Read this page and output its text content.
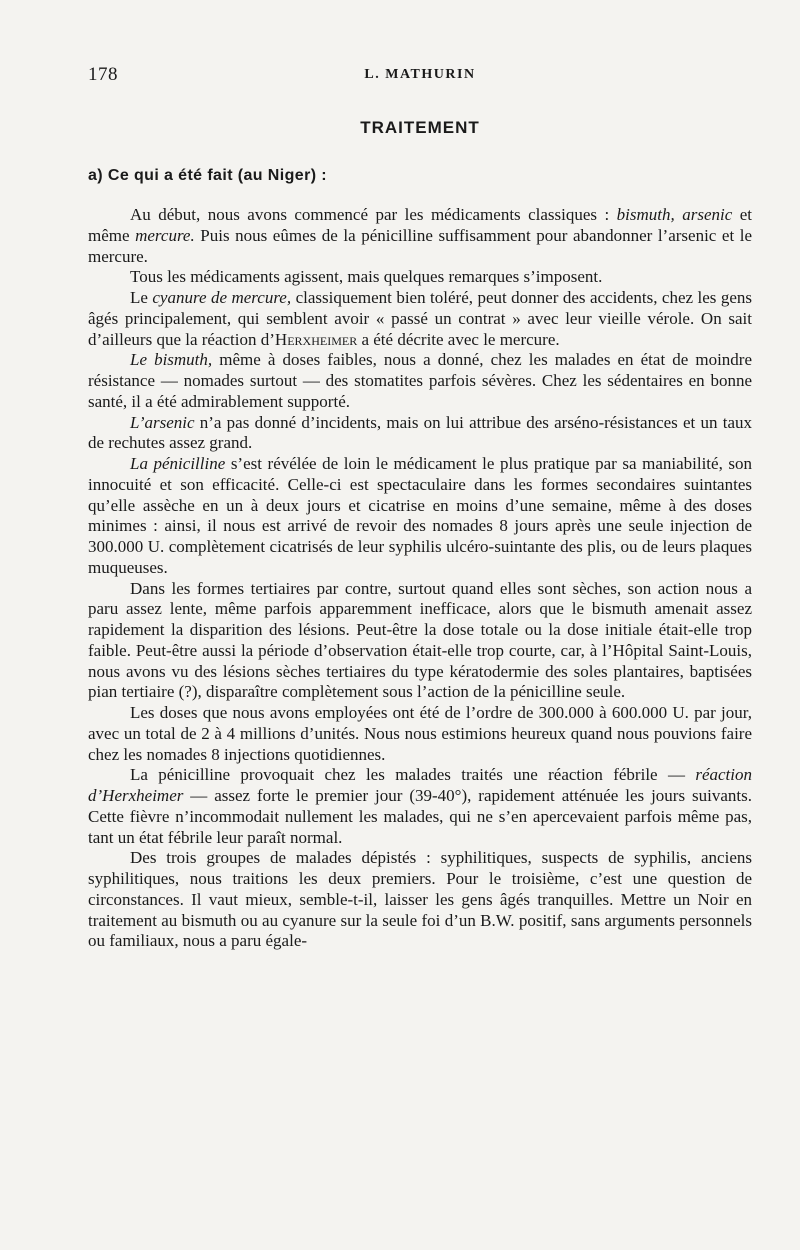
178	L. MATHURIN
TRAITEMENT
a) Ce qui a été fait (au Niger) :

Au début, nous avons commencé par les médicaments classiques : bismuth, arsenic et même mercure. Puis nous eûmes de la pénicilline suffisamment pour abandonner l’arsenic et le mercure.

Tous les médicaments agissent, mais quelques remarques s’imposent.

Le cyanure de mercure, classiquement bien toléré, peut donner des accidents, chez les gens âgés principalement, qui semblent avoir « passé un contrat » avec leur vieille vérole. On sait d’ailleurs que la réaction d’Herxheimer a été décrite avec le mercure.

Le bismuth, même à doses faibles, nous a donné, chez les malades en état de moindre résistance — nomades surtout — des stomatites parfois sévères. Chez les sédentaires en bonne santé, il a été admirablement supporté.

L’arsenic n’a pas donné d’incidents, mais on lui attribue des arséno-résistances et un taux de rechutes assez grand.

La pénicilline s’est révélée de loin le médicament le plus pratique par sa maniabilité, son innocuité et son efficacité. Celle-ci est spectaculaire dans les formes secondaires suintantes qu’elle assèche en un à deux jours et cicatrise en moins d’une semaine, même à des doses minimes : ainsi, il nous est arrivé de revoir des nomades 8 jours après une seule injection de 300.000 U. complètement cicatrisés de leur syphilis ulcéro-suintante des plis, ou de leurs plaques muqueuses.

Dans les formes tertiaires par contre, surtout quand elles sont sèches, son action nous a paru assez lente, même parfois apparemment inefficace, alors que le bismuth amenait assez rapidement la disparition des lésions. Peut-être la dose totale ou la dose initiale était-elle trop faible. Peut-être aussi la période d’observation était-elle trop courte, car, à l’Hôpital Saint-Louis, nous avons vu des lésions sèches tertiaires du type kératodermie des soles plantaires, baptisées pian tertiaire (?), disparaître complètement sous l’action de la pénicilline seule.

Les doses que nous avons employées ont été de l’ordre de 300.000 à 600.000 U. par jour, avec un total de 2 à 4 millions d’unités. Nous nous estimions heureux quand nous pouvions faire chez les nomades 8 injections quotidiennes.

La pénicilline provoquait chez les malades traités une réaction fébrile — réaction d’Herxheimer — assez forte le premier jour (39-40°), rapidement atténuée les jours suivants. Cette fièvre n’incommodait nullement les malades, qui ne s’en apercevaient parfois même pas, tant un état fébrile leur paraît normal.

Des trois groupes de malades dépistés : syphilitiques, suspects de syphilis, anciens syphilitiques, nous traitions les deux premiers. Pour le troisième, c’est une question de circonstances. Il vaut mieux, semble-t-il, laisser les gens âgés tranquilles. Mettre un Noir en traitement au bismuth ou au cyanure sur la seule foi d’un B.W. positif, sans arguments personnels ou familiaux, nous a paru égale-
